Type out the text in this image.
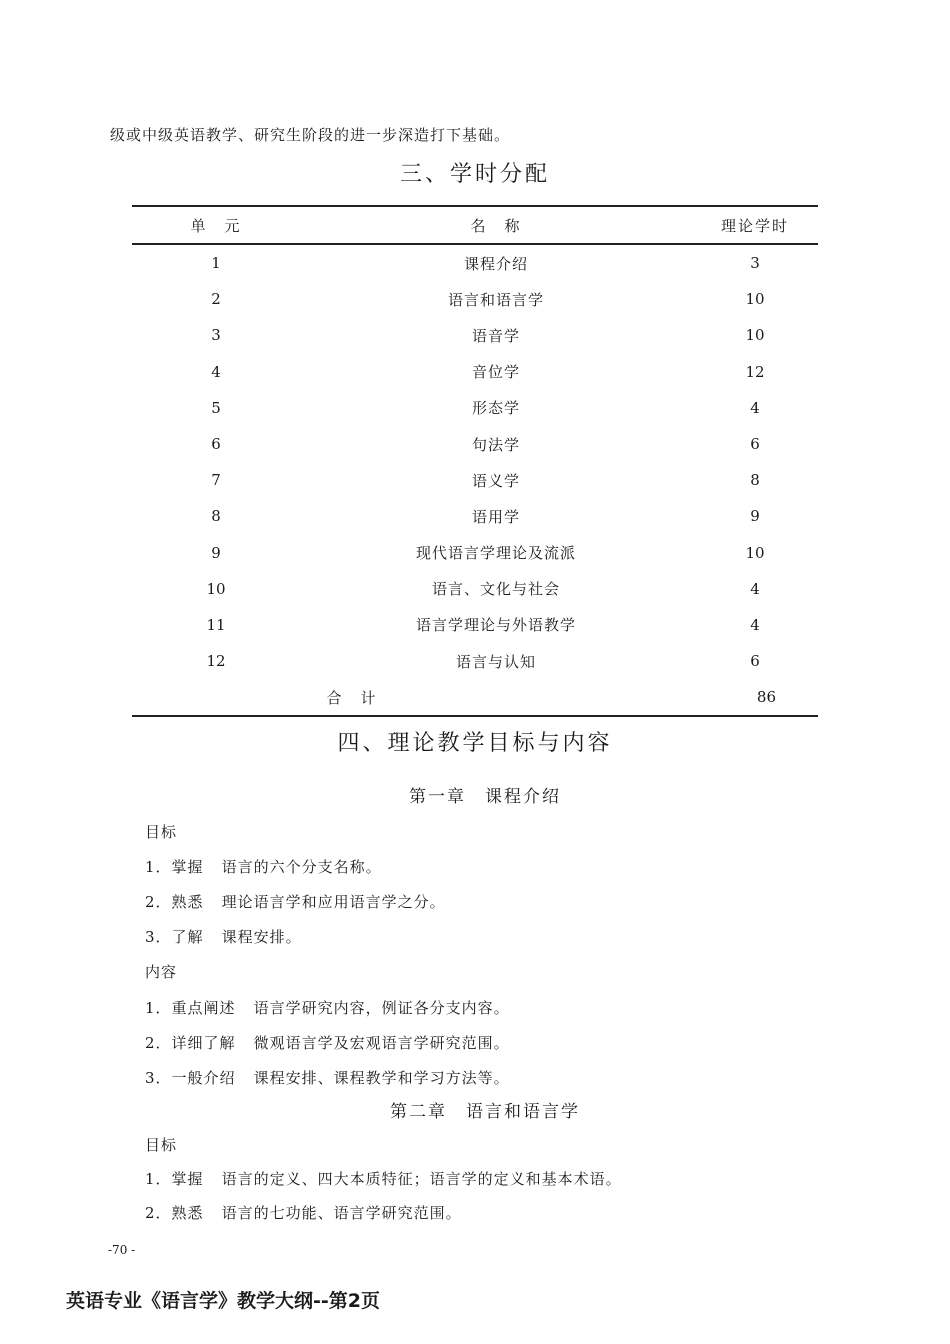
级或中级英语教学、研究生阶段的进一步深造打下基础。
三、学时分配
单　元	名　称	理论学时
1	课程介绍	3
2	语言和语言学	10
3	语音学	10
4	音位学	12
5	形态学	4
6	句法学	6
7	语义学	8
8	语用学	9
9	现代语言学理论及流派	10
10	语言、文化与社会	4
11	语言学理论与外语教学	4
12	语言与认知	6
合　计		86
四、理论教学目标与内容
第一章　课程介绍
目标
1．掌握 语言的六个分支名称。
2．熟悉 理论语言学和应用语言学之分。
3．了解 课程安排。
内容
1．重点阐述 语言学研究内容，例证各分支内容。
2．详细了解 微观语言学及宏观语言学研究范围。
3．一般介绍 课程安排、课程教学和学习方法等。
第二章　语言和语言学
目标
1．掌握 语言的定义、四大本质特征；语言学的定义和基本术语。
2．熟悉 语言的七功能、语言学研究范围。
-70 -
英语专业《语言学》教学大纲--第2页
